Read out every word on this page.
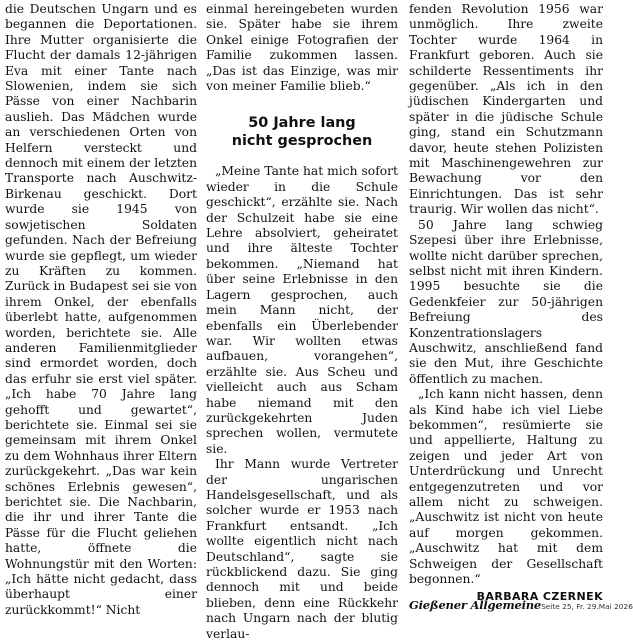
die Deutschen Ungarn und es begannen die Deportationen. Ihre Mutter organisierte die Flucht der damals 12-jährigen Eva mit einer Tante nach Slowenien, indem sie sich Pässe von einer Nachbarin auslieh. Das Mädchen wurde an verschiedenen Orten von Helfern versteckt und dennoch mit einem der letzten Transporte nach Auschwitz-Birkenau geschickt. Dort wurde sie 1945 von sowjetischen Soldaten gefunden. Nach der Befreiung wurde sie gepflegt, um wieder zu Kräften zu kommen. Zurück in Budapest sei sie von ihrem Onkel, der ebenfalls überlebt hatte, aufgenommen worden, berichtete sie. Alle anderen Familienmitglieder sind ermordet worden, doch das erfuhr sie erst viel später. „Ich habe 70 Jahre lang gehofft und gewartet“, berichtete sie. Einmal sei sie gemeinsam mit ihrem Onkel zu dem Wohnhaus ihrer Eltern zurückgekehrt. „Das war kein schönes Erlebnis gewesen“, berichtet sie. Die Nachbarin, die ihr und ihrer Tante die Pässe für die Flucht geliehen hatte, öffnete die Wohnungstür mit den Worten: „Ich hätte nicht gedacht, dass überhaupt einer zurückkommt!“ Nicht

einmal hereingebeten wurden sie. Später habe sie ihrem Onkel einige Fotografien der Familie zukommen lassen. „Das ist das Einzige, was mir von meiner Familie blieb.“

50 Jahre lang
nicht gesprochen

„Meine Tante hat mich sofort wieder in die Schule geschickt“, erzählte sie. Nach der Schulzeit habe sie eine Lehre absolviert, geheiratet und ihre älteste Tochter bekommen. „Niemand hat über seine Erlebnisse in den Lagern gesprochen, auch mein Mann nicht, der ebenfalls ein Überlebender war. Wir wollten etwas aufbauen, vorangehen“, erzählte sie. Aus Scheu und vielleicht auch aus Scham habe niemand mit den zurückgekehrten Juden sprechen wollen, vermutete sie.

Ihr Mann wurde Vertreter der ungarischen Handelsgesellschaft, und als solcher wurde er 1953 nach Frankfurt entsandt. „Ich wollte eigentlich nicht nach Deutschland“, sagte sie rückblickend dazu. Sie ging dennoch mit und beide blieben, denn eine Rückkehr nach Ungarn nach der blutig verlau-

fenden Revolution 1956 war unmöglich. Ihre zweite Tochter wurde 1964 in Frankfurt geboren. Auch sie schilderte Ressentiments ihr gegenüber. „Als ich in den jüdischen Kindergarten und später in die jüdische Schule ging, stand ein Schutzmann davor, heute stehen Polizisten mit Maschinengewehren zur Bewachung vor den Einrichtungen. Das ist sehr traurig. Wir wollen das nicht“.

50 Jahre lang schwieg Szepesi über ihre Erlebnisse, wollte nicht darüber sprechen, selbst nicht mit ihren Kindern. 1995 besuchte sie die Gedenkfeier zur 50-jährigen Befreiung des Konzentrationslagers Auschwitz, anschließend fand sie den Mut, ihre Geschichte öffentlich zu machen.

„Ich kann nicht hassen, denn als Kind habe ich viel Liebe bekommen“, resümierte sie und appellierte, Haltung zu zeigen und jeder Art von Unterdrückung und Unrecht entgegenzutreten und vor allem nicht zu schweigen. „Auschwitz ist nicht von heute auf morgen gekommen. „Auschwitz hat mit dem Schweigen der Gesellschaft begonnen.“

BARBARA CZERNEK
Gießener Allgemeine Seite 25, Fr. 29.Mai 2026
